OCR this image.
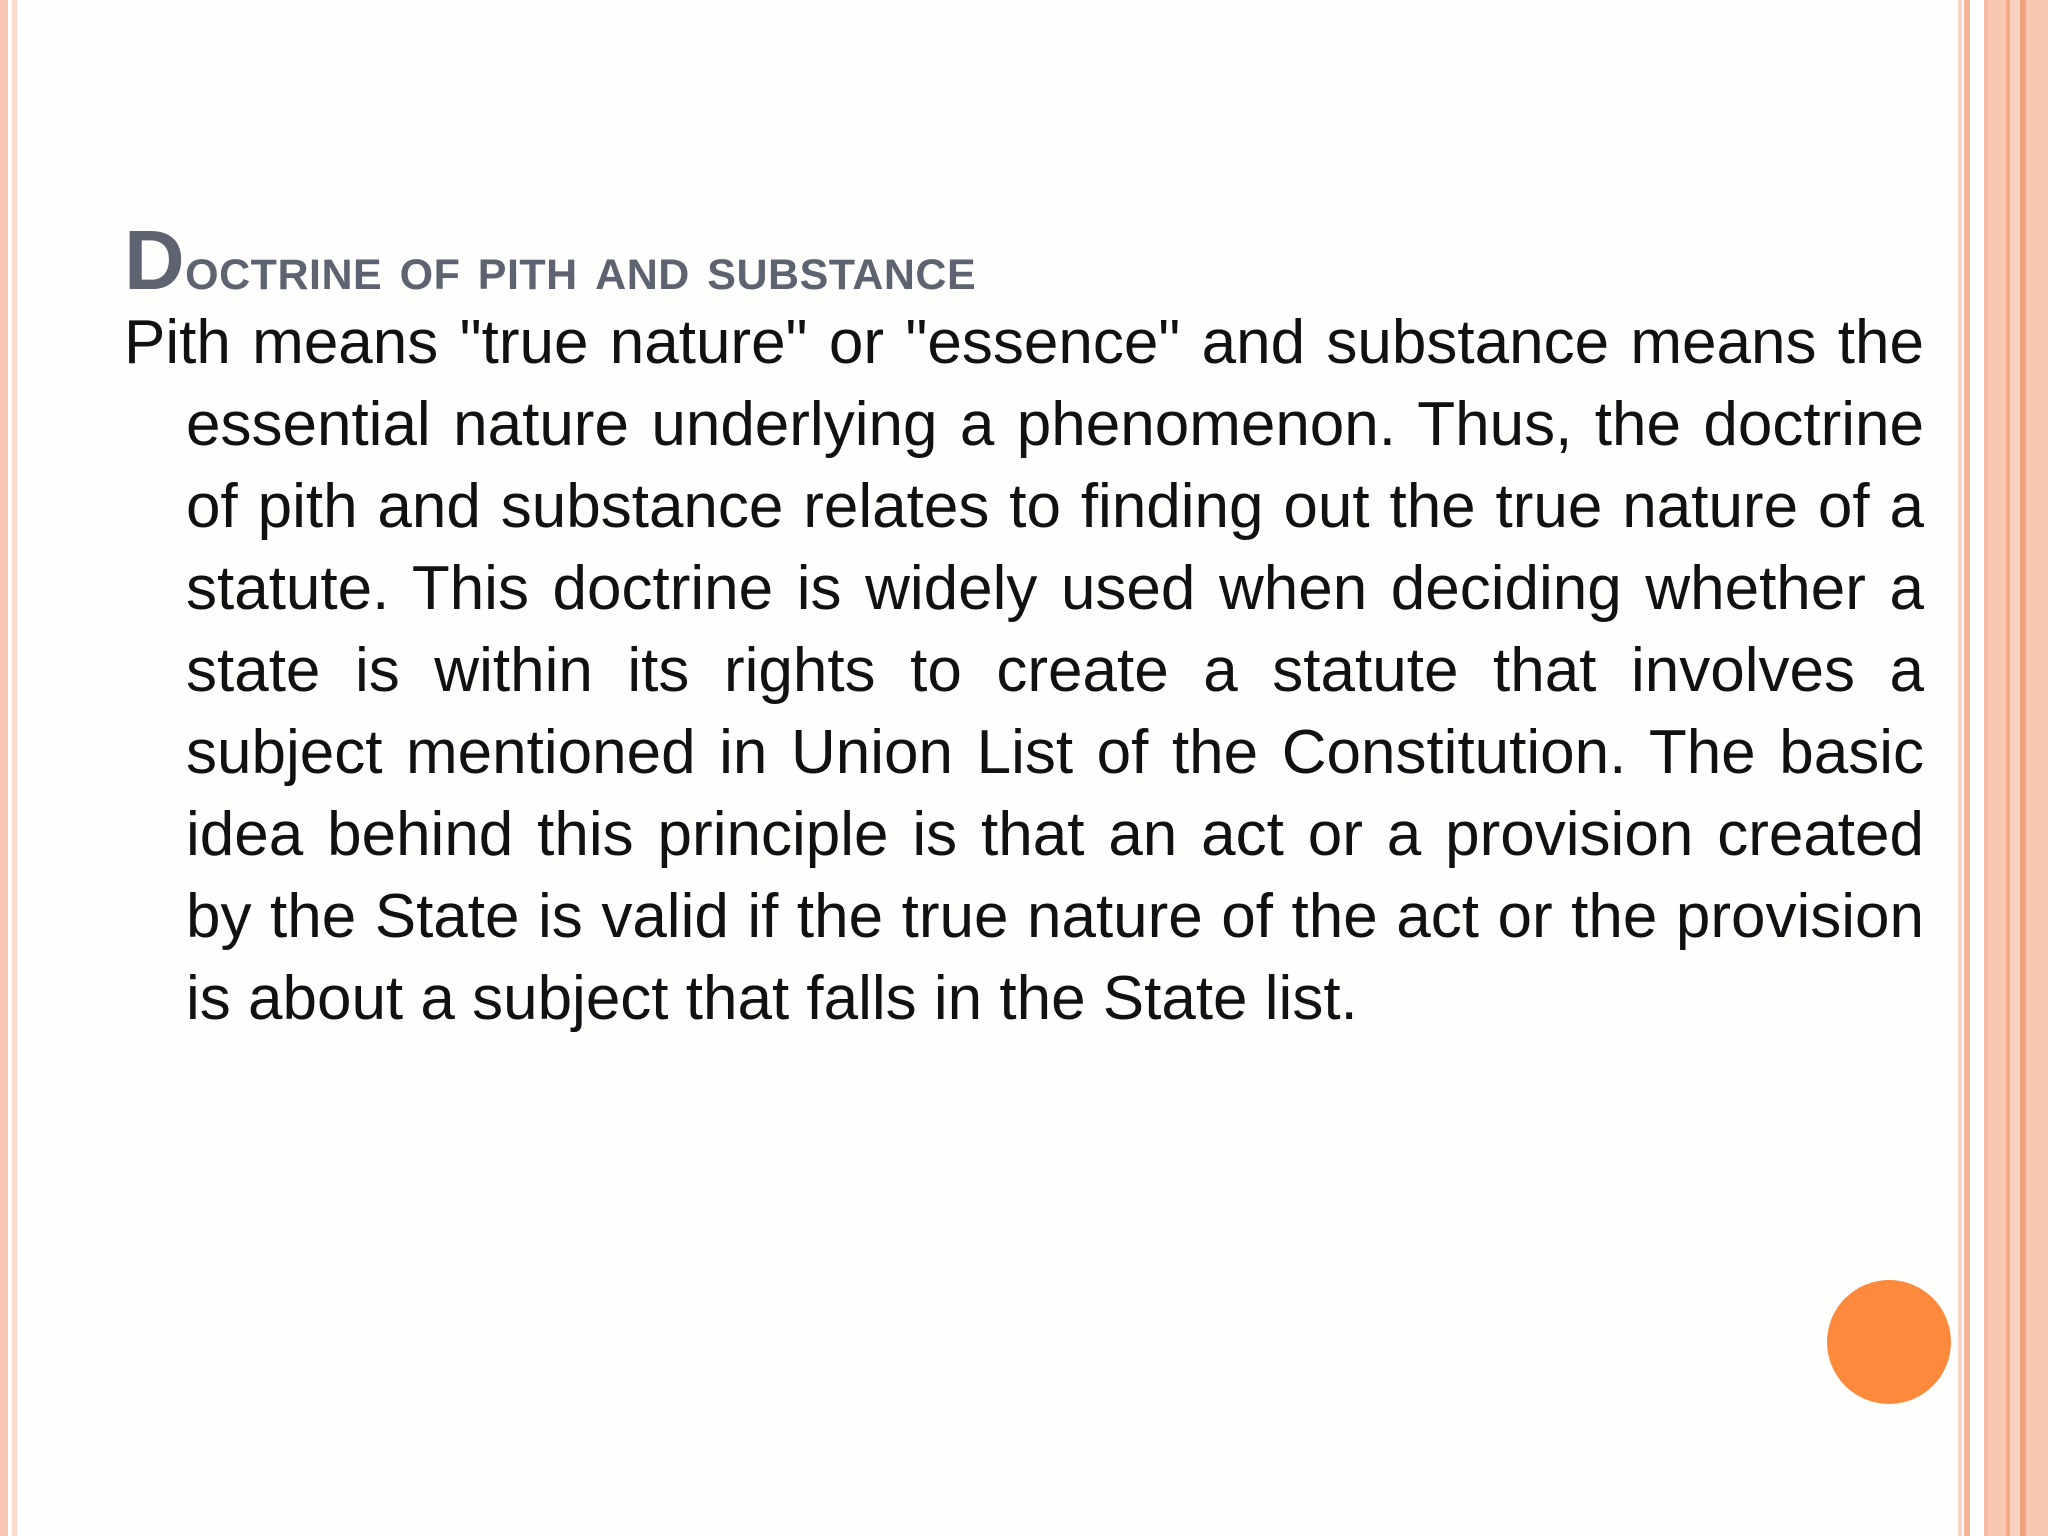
Doctrine of pith and substance
Pith means "true nature" or "essence" and substance means the essential nature underlying a phenomenon. Thus, the doctrine of pith and substance relates to finding out the true nature of a statute. This doctrine is widely used when deciding whether a state is within its rights to create a statute that involves a subject mentioned in Union List of the Constitution. The basic idea behind this principle is that an act or a provision created by the State is valid if the true nature of the act or the provision is about a subject that falls in the State list.
